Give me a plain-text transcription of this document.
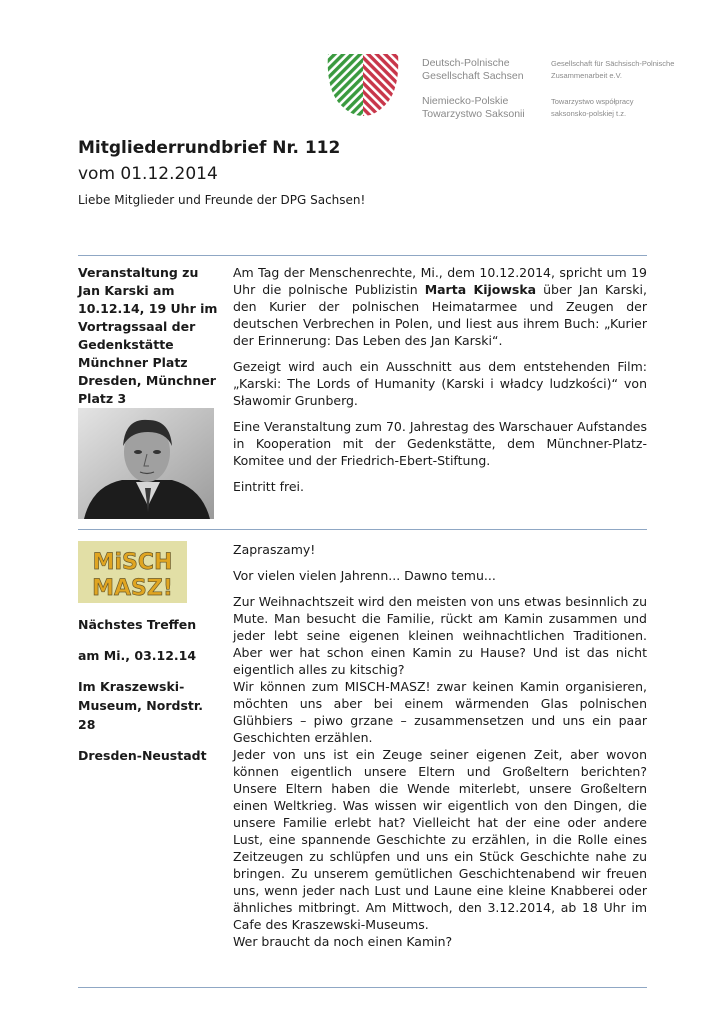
Deutsch-Polnische
Gesellschaft Sachsen
Niemiecko-Polskie
Towarzystwo Saksonii
Gesellschaft für Sächsisch-Polnische
Zusammenarbeit e.V.
Towarzystwo współpracy
saksonsko-polskiej t.z.
Mitgliederrundbrief Nr. 112
vom 01.12.2014
Liebe Mitglieder und Freunde der DPG Sachsen!

Veranstaltung zu Jan Karski am 10.12.14, 19 Uhr im Vortragssaal der Gedenkstätte Münchner Platz Dresden, Münchner Platz 3

Am Tag der Menschenrechte, Mi., dem 10.12.2014, spricht um 19 Uhr die polnische Publizistin Marta Kijowska über Jan Karski, den Kurier der polnischen Heimatarmee und Zeugen der deutschen Verbrechen in Polen, und liest aus ihrem Buch: „Kurier der Erinnerung: Das Leben des Jan Karski“.

Gezeigt wird auch ein Ausschnitt aus dem entstehenden Film: „Karski: The Lords of Humanity (Karski i władcy ludzkości)“ von Sławomir Grunberg.

Eine Veranstaltung zum 70. Jahrestag des Warschauer Aufstandes in Kooperation mit der Gedenkstätte, dem Münchner-Platz-Komitee und der Friedrich-Ebert-Stiftung.

Eintritt frei.

MiSCH
MASZ!

Nächstes Treffen

am Mi., 03.12.14

Im Kraszewski-Museum, Nordstr. 28

Dresden-Neustadt

Zapraszamy!

Vor vielen vielen Jahrenn... Dawno temu...

Zur Weihnachtszeit wird den meisten von uns etwas besinnlich zu Mute. Man besucht die Familie, rückt am Kamin zusammen und jeder lebt seine eigenen kleinen weihnachtlichen Traditionen. Aber wer hat schon einen Kamin zu Hause? Und ist das nicht eigentlich alles zu kitschig?

Wir können zum MISCH-MASZ! zwar keinen Kamin organisieren, möchten uns aber bei einem wärmenden Glas polnischen Glühbiers – piwo grzane – zusammensetzen und uns ein paar Geschichten erzählen.

Jeder von uns ist ein Zeuge seiner eigenen Zeit, aber wovon können eigentlich unsere Eltern und Großeltern berichten? Unsere Eltern haben die Wende miterlebt, unsere Großeltern einen Weltkrieg. Was wissen wir eigentlich von den Dingen, die unsere Familie erlebt hat? Vielleicht hat der eine oder andere Lust, eine spannende Geschichte zu erzählen, in die Rolle eines Zeitzeugen zu schlüpfen und uns ein Stück Geschichte nahe zu bringen. Zu unserem gemütlichen Geschichtenabend wir freuen uns, wenn jeder nach Lust und Laune eine kleine Knabberei oder ähnliches mitbringt. Am Mittwoch, den 3.12.2014, ab 18 Uhr im Cafe des Kraszewski-Museums.

Wer braucht da noch einen Kamin?
